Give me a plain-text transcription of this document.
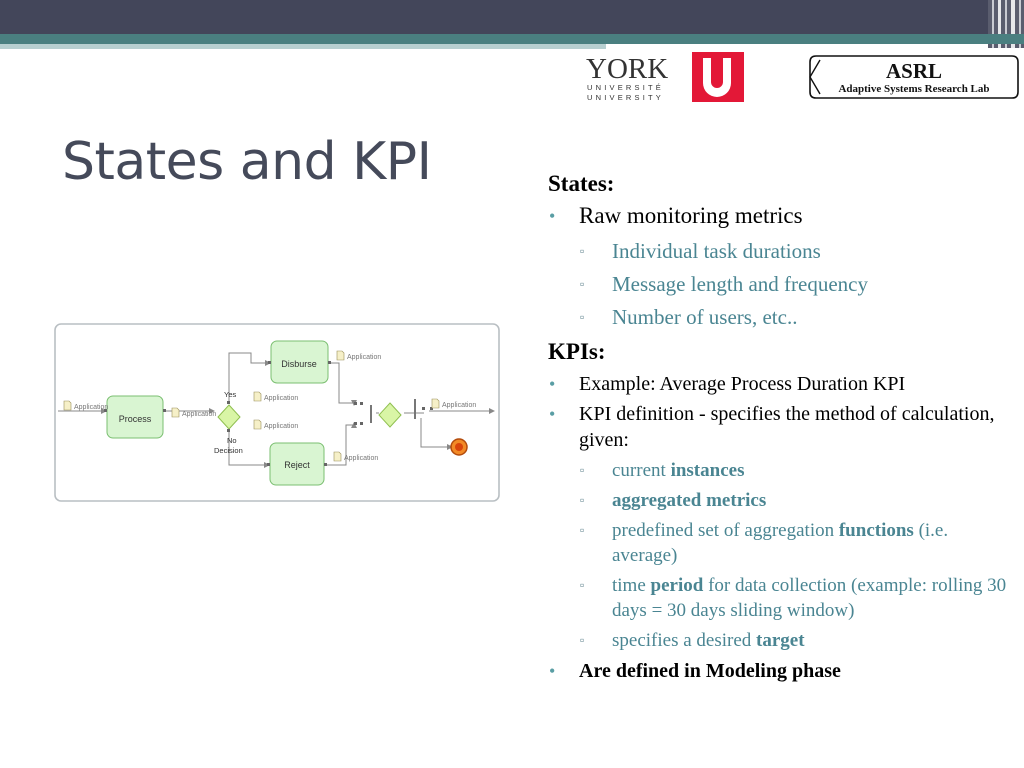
States and KPI
YORK
UNIVERSITÉ
UNIVERSITY
ASRL
Adaptive Systems Research Lab
Process
Disburse
Reject
Application
Application
Application
Application
Application
Application
Application
Yes
No
Decision

States:

• Raw monitoring metrics
▫ Individual task durations
▫ Message length and frequency
▫ Number of users, etc..

KPIs:

• Example: Average Process Duration KPI
• KPI definition - specifies the method of calculation, given:
▫ current instances
▫ aggregated metrics
▫ predefined set of aggregation functions (i.e. average)
▫ time period for data collection (example: rolling 30 days = 30 days sliding window)
▫ specifies a desired target
• Are defined in Modeling phase
